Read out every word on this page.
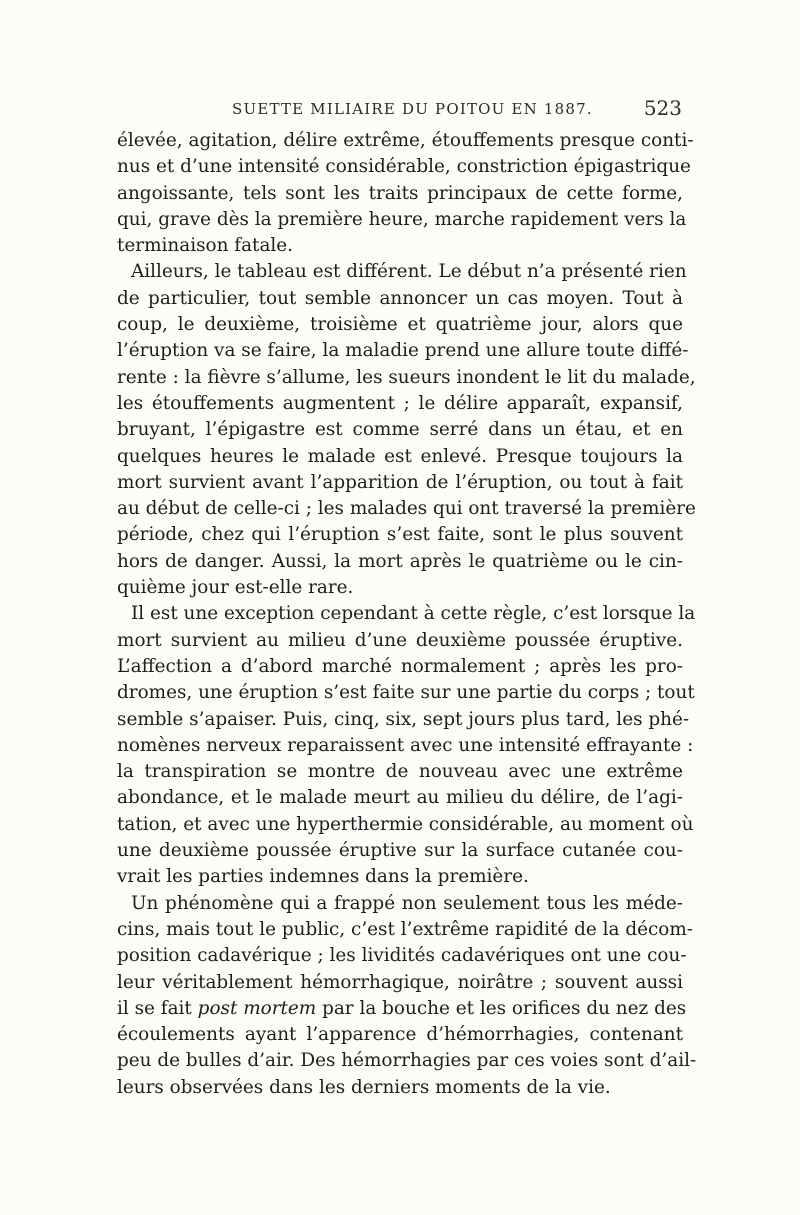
SUETTE MILIAIRE DU POITOU EN 1887.	523

élevée, agitation, délire extrême, étouffements presque conti-
nus et d’une intensité considérable, constriction épigastrique
angoissante, tels sont les traits principaux de cette forme,
qui, grave dès la première heure, marche rapidement vers la
terminaison fatale.

Ailleurs, le tableau est différent. Le début n’a présenté rien
de particulier, tout semble annoncer un cas moyen. Tout à
coup, le deuxième, troisième et quatrième jour, alors que
l’éruption va se faire, la maladie prend une allure toute diffé-
rente : la fièvre s’allume, les sueurs inondent le lit du malade,
les étouffements augmentent ; le délire apparaît, expansif,
bruyant, l’épigastre est comme serré dans un étau, et en
quelques heures le malade est enlevé. Presque toujours la
mort survient avant l’apparition de l’éruption, ou tout à fait
au début de celle-ci ; les malades qui ont traversé la première
période, chez qui l’éruption s’est faite, sont le plus souvent
hors de danger. Aussi, la mort après le quatrième ou le cin-
quième jour est-elle rare.

Il est une exception cependant à cette règle, c’est lorsque la
mort survient au milieu d’une deuxième poussée éruptive.
L’affection a d’abord marché normalement ; après les pro-
dromes, une éruption s’est faite sur une partie du corps ; tout
semble s’apaiser. Puis, cinq, six, sept jours plus tard, les phé-
nomènes nerveux reparaissent avec une intensité effrayante :
la transpiration se montre de nouveau avec une extrême
abondance, et le malade meurt au milieu du délire, de l’agi-
tation, et avec une hyperthermie considérable, au moment où
une deuxième poussée éruptive sur la surface cutanée cou-
vrait les parties indemnes dans la première.

Un phénomène qui a frappé non seulement tous les méde-
cins, mais tout le public, c’est l’extrême rapidité de la décom-
position cadavérique ; les lividités cadavériques ont une cou-
leur véritablement hémorrhagique, noirâtre ; souvent aussi
il se fait post mortem par la bouche et les orifices du nez des
écoulements ayant l’apparence d’hémorrhagies, contenant
peu de bulles d’air. Des hémorrhagies par ces voies sont d’ail-
leurs observées dans les derniers moments de la vie.
